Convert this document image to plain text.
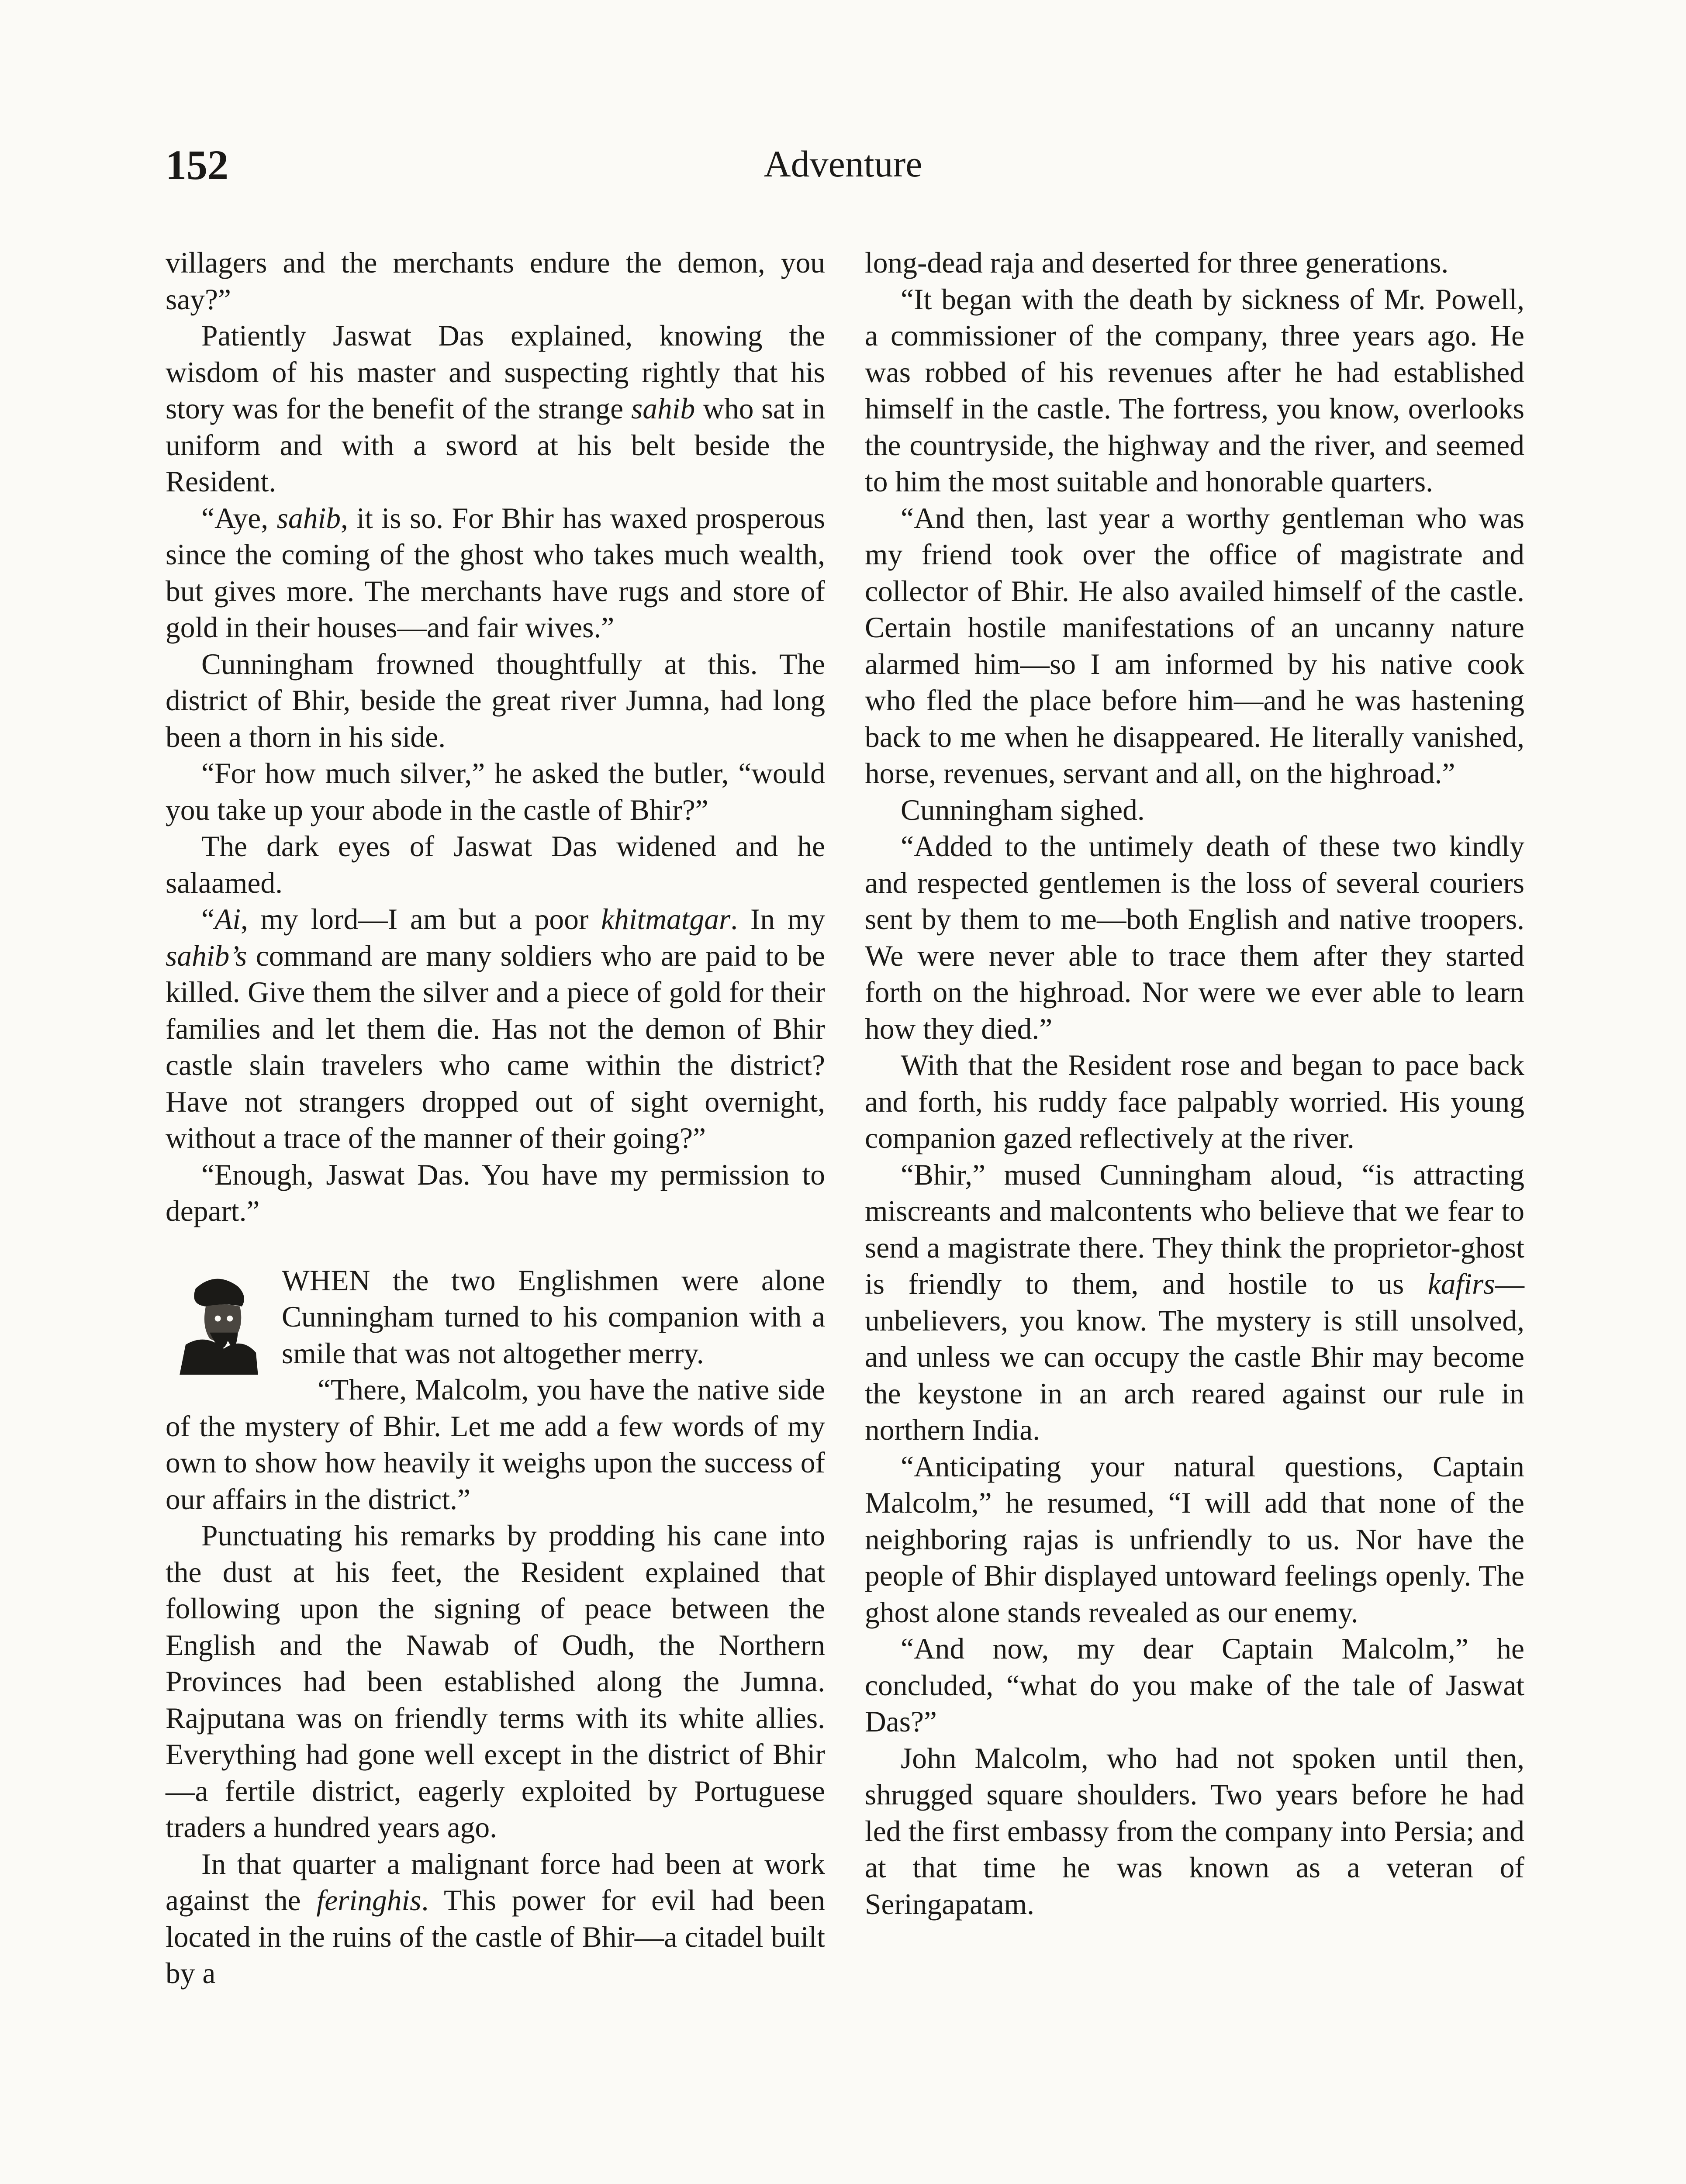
152	Adventure

villagers and the merchants endure the demon, you say?”

Patiently Jaswat Das explained, knowing the wisdom of his master and suspecting rightly that his story was for the benefit of the strange sahib who sat in uniform and with a sword at his belt beside the Resident.

“Aye, sahib, it is so. For Bhir has waxed prosperous since the coming of the ghost who takes much wealth, but gives more. The merchants have rugs and store of gold in their houses—and fair wives.”

Cunningham frowned thoughtfully at this. The district of Bhir, beside the great river Jumna, had long been a thorn in his side.

“For how much silver,” he asked the butler, “would you take up your abode in the castle of Bhir?”

The dark eyes of Jaswat Das widened and he salaamed.

“Ai, my lord—I am but a poor khitmatgar. In my sahib’s command are many soldiers who are paid to be killed. Give them the silver and a piece of gold for their families and let them die. Has not the demon of Bhir castle slain travelers who came within the district? Have not strangers dropped out of sight overnight, without a trace of the manner of their going?”

“Enough, Jaswat Das. You have my permission to depart.”

WHEN the two Englishmen were alone Cunningham turned to his companion with a smile that was not altogether merry.

“There, Malcolm, you have the native side of the mystery of Bhir. Let me add a few words of my own to show how heavily it weighs upon the success of our affairs in the district.”

Punctuating his remarks by prodding his cane into the dust at his feet, the Resident explained that following upon the signing of peace between the English and the Nawab of Oudh, the Northern Provinces had been established along the Jumna. Rajputana was on friendly terms with its white allies. Everything had gone well except in the district of Bhir—a fertile district, eagerly exploited by Portuguese traders a hundred years ago.

In that quarter a malignant force had been at work against the feringhis. This power for evil had been located in the ruins of the castle of Bhir—a citadel built by a

long-dead raja and deserted for three generations.

“It began with the death by sickness of Mr. Powell, a commissioner of the company, three years ago. He was robbed of his revenues after he had established himself in the castle. The fortress, you know, overlooks the countryside, the highway and the river, and seemed to him the most suitable and honorable quarters.

“And then, last year a worthy gentleman who was my friend took over the office of magistrate and collector of Bhir. He also availed himself of the castle. Certain hostile manifestations of an uncanny nature alarmed him—so I am informed by his native cook who fled the place before him—and he was hastening back to me when he disappeared. He literally vanished, horse, revenues, servant and all, on the highroad.”

Cunningham sighed.

“Added to the untimely death of these two kindly and respected gentlemen is the loss of several couriers sent by them to me—both English and native troopers. We were never able to trace them after they started forth on the highroad. Nor were we ever able to learn how they died.”

With that the Resident rose and began to pace back and forth, his ruddy face palpably worried. His young companion gazed reflectively at the river.

“Bhir,” mused Cunningham aloud, “is attracting miscreants and malcontents who believe that we fear to send a magistrate there. They think the proprietor-ghost is friendly to them, and hostile to us kafirs—unbelievers, you know. The mystery is still unsolved, and unless we can occupy the castle Bhir may become the keystone in an arch reared against our rule in northern India.

“Anticipating your natural questions, Captain Malcolm,” he resumed, “I will add that none of the neighboring rajas is unfriendly to us. Nor have the people of Bhir displayed untoward feelings openly. The ghost alone stands revealed as our enemy.

“And now, my dear Captain Malcolm,” he concluded, “what do you make of the tale of Jaswat Das?”

John Malcolm, who had not spoken until then, shrugged square shoulders. Two years before he had led the first embassy from the company into Persia; and at that time he was known as a veteran of Seringapatam.
